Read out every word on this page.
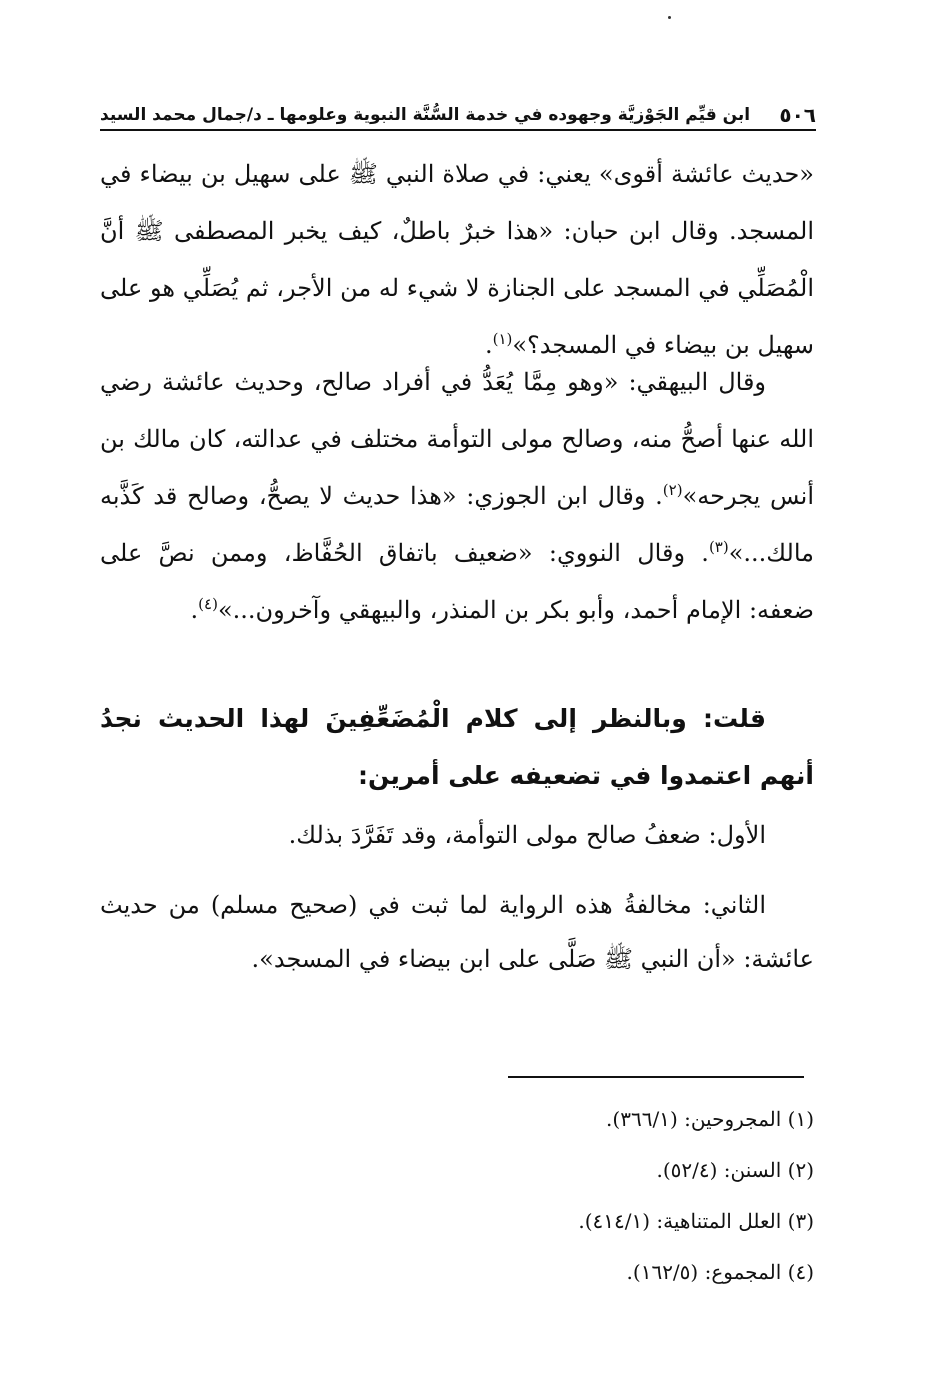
٥٠٦
ابن قيِّم الجَوْزيَّة وجهوده في خدمة السُّنَّة النبوية وعلومها ـ د/جمال محمد السيد

«حديث عائشة أقوى» يعني: في صلاة النبي ﷺ على سهيل بن بيضاء في المسجد. وقال ابن حبان: «هذا خبرٌ باطلٌ، كيف يخبر المصطفى ﷺ أنَّ الْمُصَلِّي في المسجد على الجنازة لا شيء له من الأجر، ثم يُصَلِّي هو على سهيل بن بيضاء في المسجد؟»$^{(١)}$.

وقال البيهقي: «وهو مِمَّا يُعَدُّ في أفراد صالح، وحديث عائشة رضي الله عنها أصحُّ منه، وصالح مولى التوأمة مختلف في عدالته، كان مالك بن أنس يجرحه»$^{(٢)}$. وقال ابن الجوزي: «هذا حديث لا يصحُّ، وصالح قد كَذَّبه مالك...»$^{(٣)}$. وقال النووي: «ضعيف باتفاق الحُفَّاظ، وممن نصَّ على ضعفه: الإمام أحمد، وأبو بكر بن المنذر، والبيهقي وآخرون...»$^{(٤)}$.

قلت: وبالنظر إلى كلام الْمُضَعِّفِينَ لهذا الحديث نجدُ أنهم اعتمدوا في تضعيفه على أمرين:

الأول: ضعفُ صالح مولى التوأمة، وقد تَفَرَّدَ بذلك.

الثاني: مخالفةُ هذه الرواية لما ثبت في (صحيح مسلم) من حديث عائشة: «أن النبي ﷺ صَلَّى على ابن بيضاء في المسجد».

(١) المجروحين: (٣٦٦/١).

(٢) السنن: (٥٢/٤).

(٣) العلل المتناهية: (٤١٤/١).

(٤) المجموع: (١٦٢/٥).
